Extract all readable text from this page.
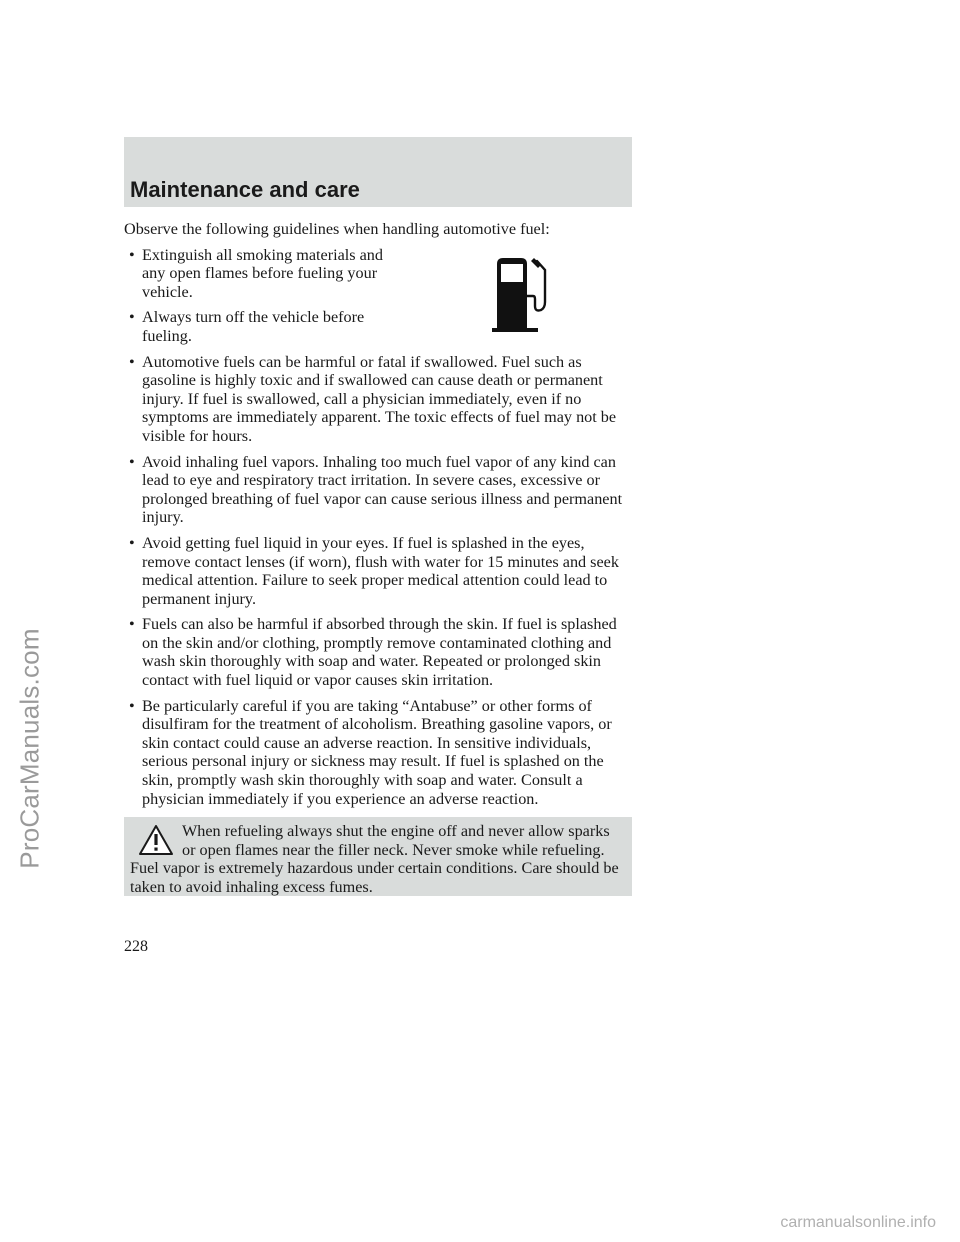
ProCarManuals.com
Maintenance and care

Observe the following guidelines when handling automotive fuel:

• Extinguish all smoking materials and any open flames before fueling your vehicle.
• Always turn off the vehicle before fueling.
• Automotive fuels can be harmful or fatal if swallowed. Fuel such as gasoline is highly toxic and if swallowed can cause death or permanent injury. If fuel is swallowed, call a physician immediately, even if no symptoms are immediately apparent. The toxic effects of fuel may not be visible for hours.
• Avoid inhaling fuel vapors. Inhaling too much fuel vapor of any kind can lead to eye and respiratory tract irritation. In severe cases, excessive or prolonged breathing of fuel vapor can cause serious illness and permanent injury.
• Avoid getting fuel liquid in your eyes. If fuel is splashed in the eyes, remove contact lenses (if worn), flush with water for 15 minutes and seek medical attention. Failure to seek proper medical attention could lead to permanent injury.
• Fuels can also be harmful if absorbed through the skin. If fuel is splashed on the skin and/or clothing, promptly remove contaminated clothing and wash skin thoroughly with soap and water. Repeated or prolonged skin contact with fuel liquid or vapor causes skin irritation.
• Be particularly careful if you are taking “Antabuse” or other forms of disulfiram for the treatment of alcoholism. Breathing gasoline vapors, or skin contact could cause an adverse reaction. In sensitive individuals, serious personal injury or sickness may result. If fuel is splashed on the skin, promptly wash skin thoroughly with soap and water. Consult a physician immediately if you experience an adverse reaction.
When refueling always shut the engine off and never allow sparks or open flames near the filler neck. Never smoke while refueling. Fuel vapor is extremely hazardous under certain conditions. Care should be taken to avoid inhaling excess fumes.
228
carmanualsonline.info
